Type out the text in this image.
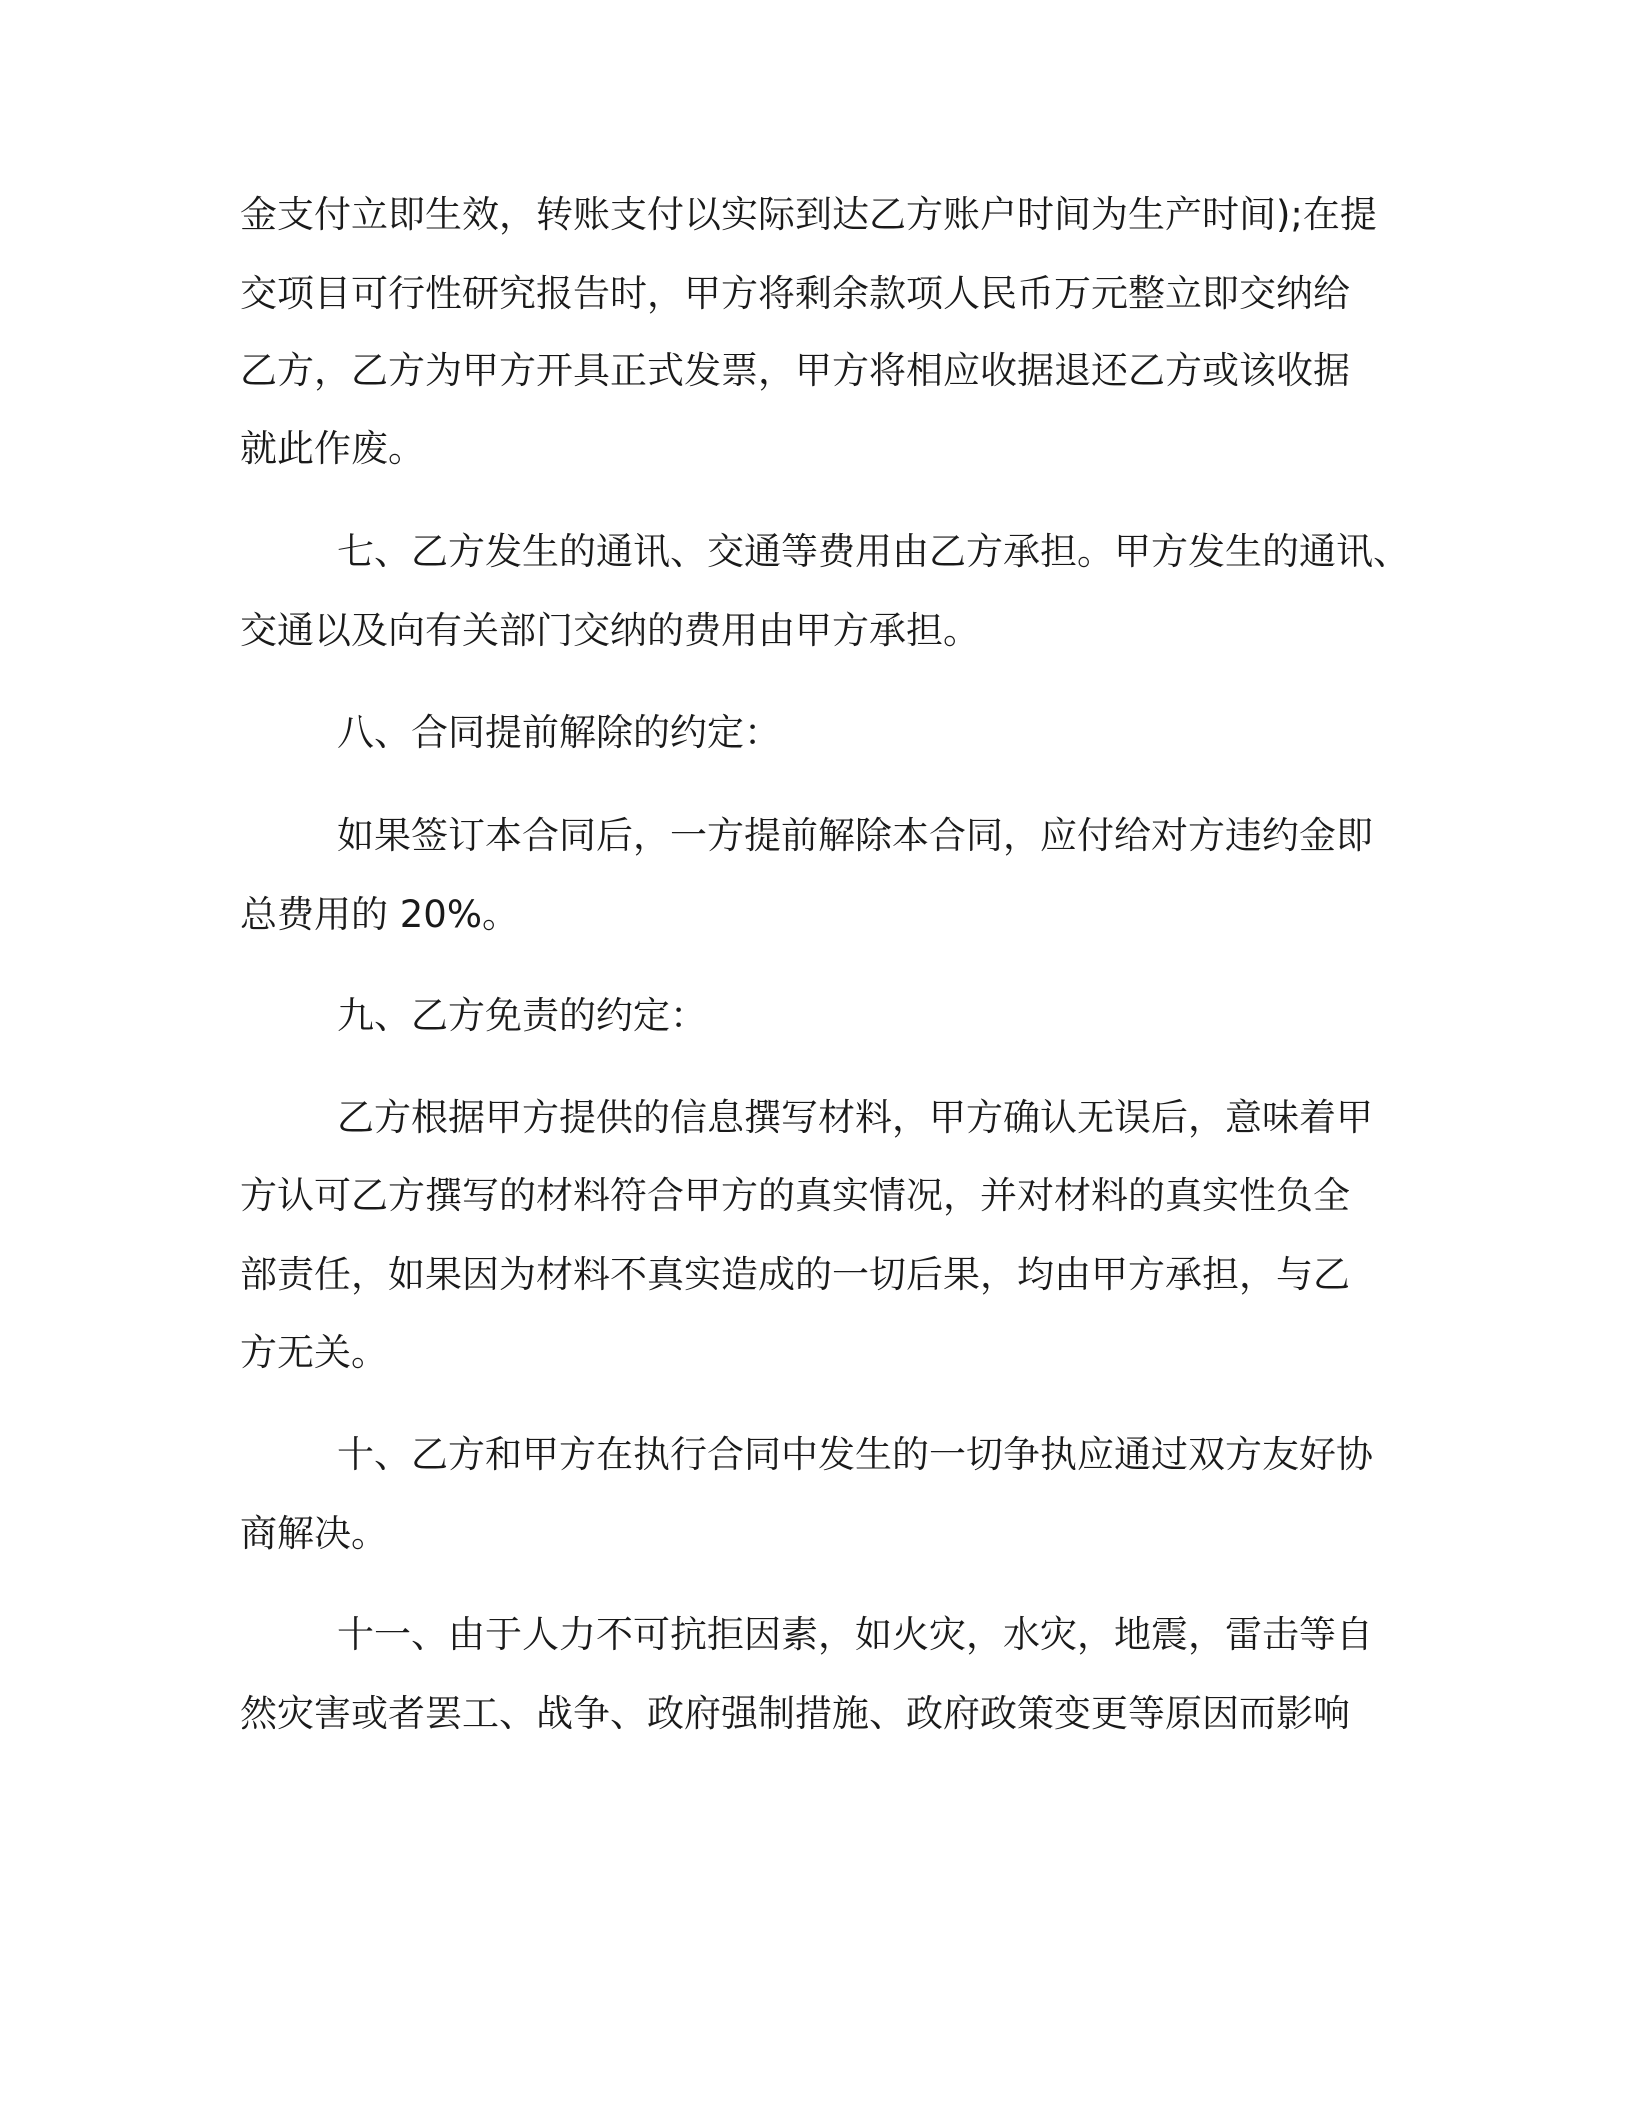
金支付立即生效，转账支付以实际到达乙方账户时间为生产时间);在提

交项目可行性研究报告时，甲方将剩余款项人民币万元整立即交纳给

乙方，乙方为甲方开具正式发票，甲方将相应收据退还乙方或该收据

就此作废。

七、乙方发生的通讯、交通等费用由乙方承担。甲方发生的通讯、

交通以及向有关部门交纳的费用由甲方承担。

八、合同提前解除的约定：

如果签订本合同后，一方提前解除本合同，应付给对方违约金即

总费用的 20%。

九、乙方免责的约定：

乙方根据甲方提供的信息撰写材料，甲方确认无误后，意味着甲

方认可乙方撰写的材料符合甲方的真实情况，并对材料的真实性负全

部责任，如果因为材料不真实造成的一切后果，均由甲方承担，与乙

方无关。

十、乙方和甲方在执行合同中发生的一切争执应通过双方友好协

商解决。

十一、由于人力不可抗拒因素，如火灾，水灾，地震，雷击等自

然灾害或者罢工、战争、政府强制措施、政府政策变更等原因而影响
